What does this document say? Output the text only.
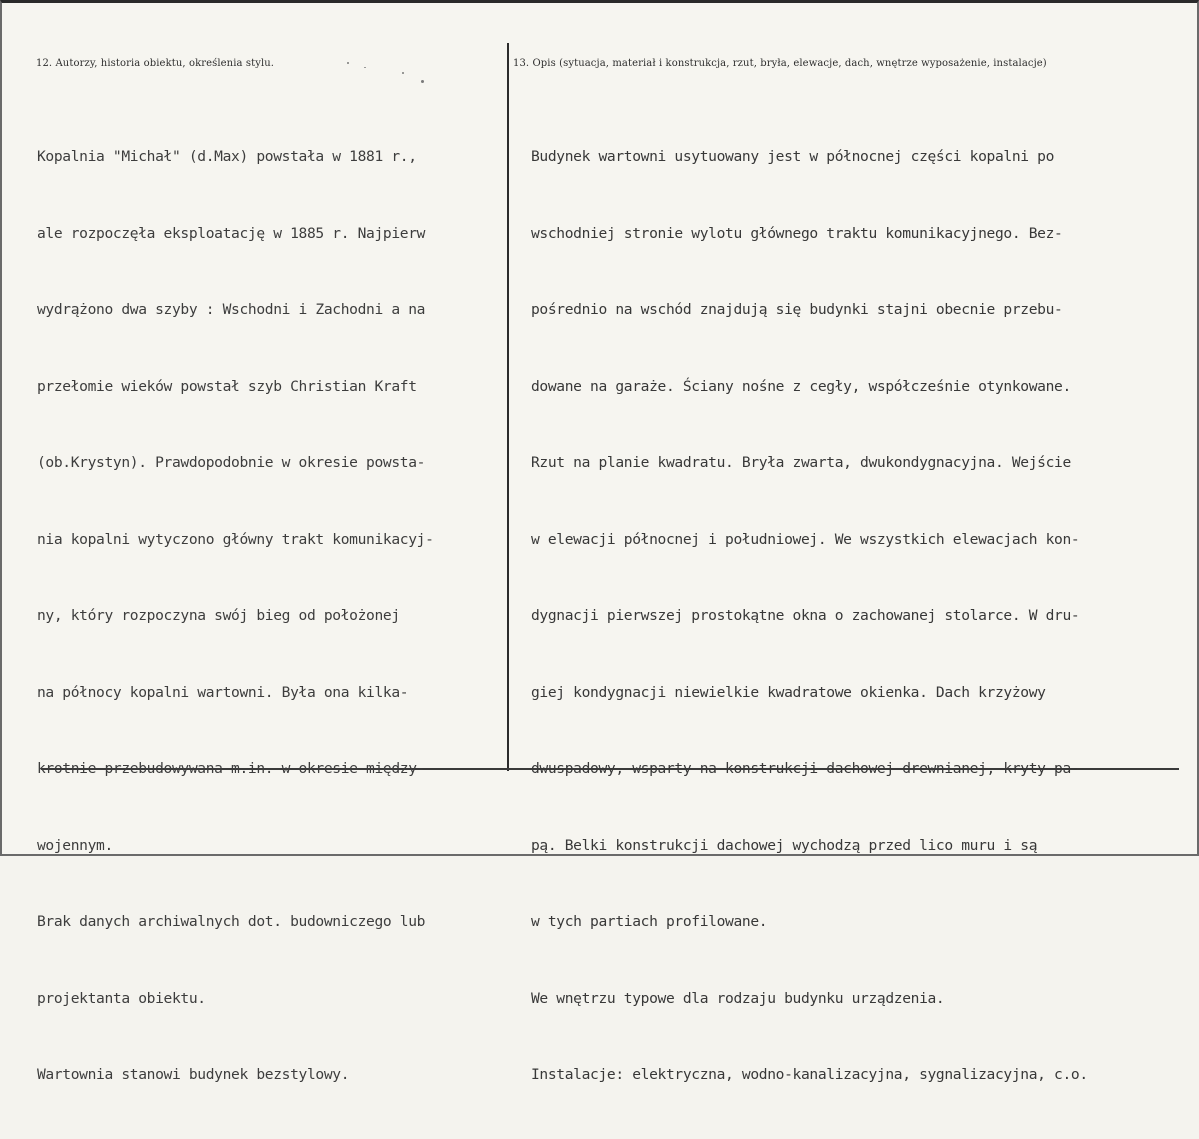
12. Autorzy, historia obiektu, określenia stylu.	13. Opis (sytuacja, materiał i konstrukcja, rzut, bryła, elewacje, dach, wnętrze wyposażenie, instalacje)

Kopalnia "Michał" (d.Max) powstała w 1881 r.,

ale rozpoczęła eksploatację w 1885 r. Najpierw

wydrążono dwa szyby : Wschodni i Zachodni a na

przełomie wieków powstał szyb Christian Kraft

(ob.Krystyn). Prawdopodobnie w okresie powsta-

nia kopalni wytyczono główny trakt komunikacyj-

ny, który rozpoczyna swój bieg od położonej

na północy kopalni wartowni. Była ona kilka-

krotnie przebudowywana m.in. w okresie między-

wojennym.

Brak danych archiwalnych dot. budowniczego lub

projektanta obiektu.

Wartownia stanowi budynek bezstylowy.

Budynek wartowni usytuowany jest w północnej części kopalni po

wschodniej stronie wylotu głównego traktu komunikacyjnego. Bez-

pośrednio na wschód znajdują się budynki stajni obecnie przebu-

dowane na garaże. Ściany nośne z cegły, współcześnie otynkowane.

Rzut na planie kwadratu. Bryła zwarta, dwukondygnacyjna. Wejście

w elewacji północnej i południowej. We wszystkich elewacjach kon-

dygnacji pierwszej prostokątne okna o zachowanej stolarce. W dru-

giej kondygnacji niewielkie kwadratowe okienka. Dach krzyżowy

dwuspadowy, wsparty na konstrukcji dachowej drewnianej, kryty pa-

pą. Belki konstrukcji dachowej wychodzą przed lico muru i są

w tych partiach profilowane.

We wnętrzu typowe dla rodzaju budynku urządzenia.

Instalacje: elektryczna, wodno-kanalizacyjna, sygnalizacyjna, c.o.
